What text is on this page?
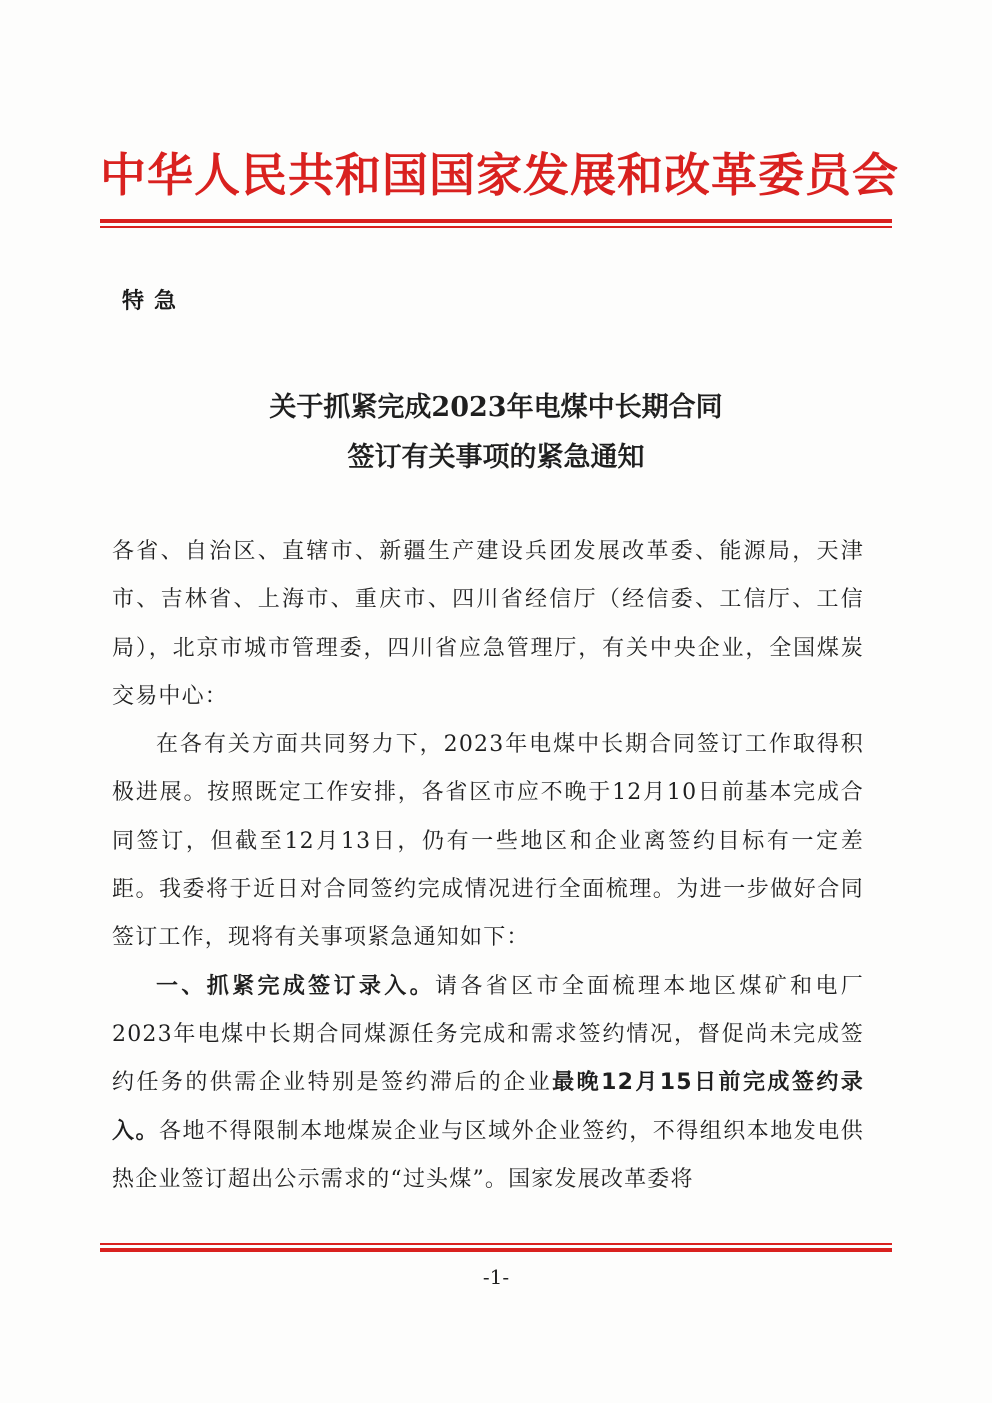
中华人民共和国国家发展和改革委员会
特急
关于抓紧完成2023年电煤中长期合同
签订有关事项的紧急通知

各省、自治区、直辖市、新疆生产建设兵团发展改革委、能源局，天津市、吉林省、上海市、重庆市、四川省经信厅（经信委、工信厅、工信局），北京市城市管理委，四川省应急管理厅，有关中央企业，全国煤炭交易中心：

在各有关方面共同努力下，2023年电煤中长期合同签订工作取得积极进展。按照既定工作安排，各省区市应不晚于12月10日前基本完成合同签订，但截至12月13日，仍有一些地区和企业离签约目标有一定差距。我委将于近日对合同签约完成情况进行全面梳理。为进一步做好合同签订工作，现将有关事项紧急通知如下：

一、抓紧完成签订录入。请各省区市全面梳理本地区煤矿和电厂2023年电煤中长期合同煤源任务完成和需求签约情况，督促尚未完成签约任务的供需企业特别是签约滞后的企业最晚12月15日前完成签约录入。各地不得限制本地煤炭企业与区域外企业签约，不得组织本地发电供热企业签订超出公示需求的“过头煤”。国家发展改革委将

-1-
